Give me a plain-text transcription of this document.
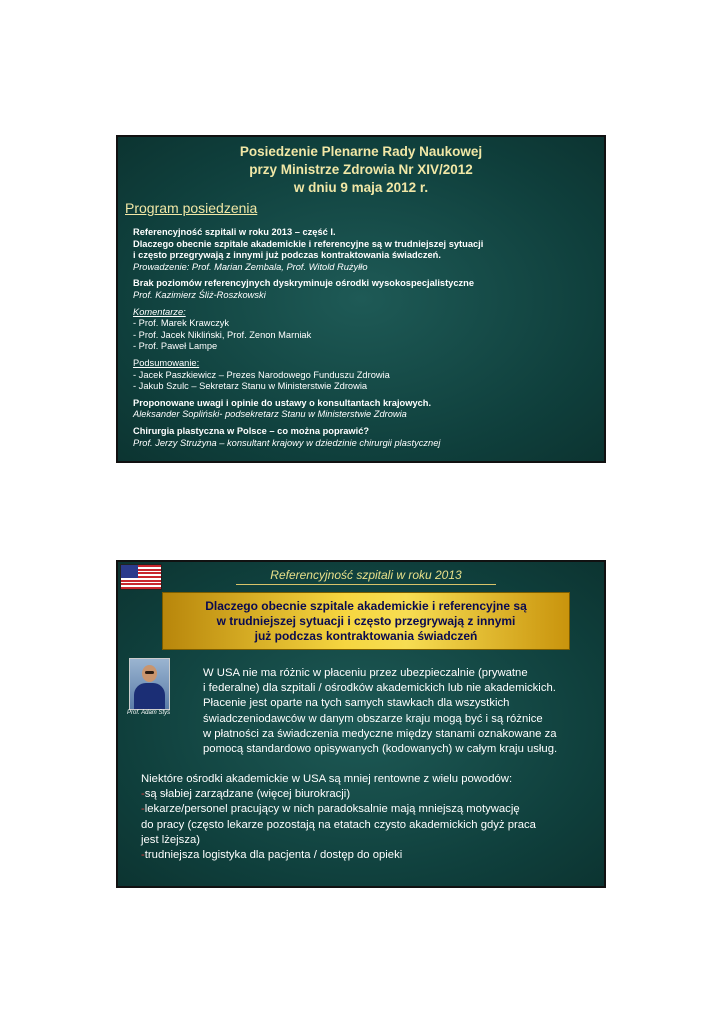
Posiedzenie Plenarne Rady Naukowej
przy Ministrze Zdrowia Nr XIV/2012
w dniu 9 maja 2012 r.
Program posiedzenia
Referencyjność szpitali w roku 2013 – część I.
Dlaczego obecnie szpitale akademickie i referencyjne są w trudniejszej sytuacji
i często przegrywają z innymi już podczas kontraktowania świadczeń.
Prowadzenie: Prof. Marian Zembala, Prof. Witold Rużyłło
Brak poziomów referencyjnych dyskryminuje ośrodki wysokospecjalistyczne
Prof. Kazimierz Śliż-Roszkowski
Komentarze:
- Prof. Marek Krawczyk
- Prof. Jacek Nikliński, Prof. Zenon Marniak
- Prof. Paweł Lampe
Podsumowanie:
- Jacek Paszkiewicz – Prezes Narodowego Funduszu Zdrowia
- Jakub Szulc – Sekretarz Stanu w Ministerstwie Zdrowia
Proponowane uwagi i opinie do ustawy o konsultantach krajowych.
Aleksander Sopliński- podsekretarz Stanu w Ministerstwie Zdrowia
Chirurgia plastyczna w Polsce – co można poprawić?
Prof. Jerzy Strużyna – konsultant krajowy w dziedzinie chirurgii plastycznej
Referencyjność szpitali w roku 2013
Dlaczego obecnie szpitale akademickie i referencyjne są
w trudniejszej sytuacji i często przegrywają z innymi
już podczas kontraktowania świadczeń
Prof. Adam Styś
W USA nie ma różnic w płaceniu przez ubezpieczalnie (prywatne
i federalne) dla szpitali / ośrodków akademickich lub nie akademickich.
Płacenie jest oparte na tych samych stawkach dla wszystkich
świadczeniodawców w danym obszarze kraju mogą być i są różnice
w płatności za świadczenia medyczne między stanami oznakowane za
pomocą standardowo opisywanych (kodowanych) w całym kraju usług.
Niektóre ośrodki akademickie w USA są mniej rentowne z wielu powodów:
-są słabiej zarządzane (więcej biurokracji)
-lekarze/personel pracujący w nich paradoksalnie mają mniejszą motywację
do pracy (często lekarze pozostają na etatach czysto akademickich gdyż praca
jest lżejsza)
-trudniejsza logistyka dla pacjenta / dostęp do opieki
